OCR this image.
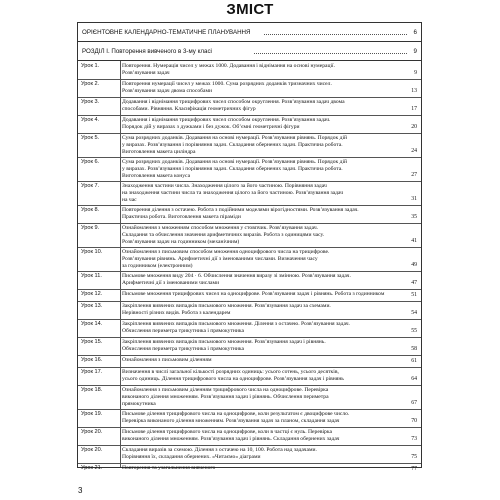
ЗМІСТ
ОРІЄНТОВНЕ КАЛЕНДАРНО-ТЕМАТИЧНЕ ПЛАНУВАННЯ	6
РОЗДІЛ І. Повторення вивченого в 3-му класі	9
Урок 1.	Повторення. Нумерація чисел у межах 1000. Додавання і віднімання на основі нумерації.
Розв’язування задач	9
Урок 2.	Повторення нумерації чисел у межах 1000. Сума розрядних доданків тризначних чисел.
Розв’язування задач двома способами	13
Урок 3.	Додавання і віднімання трицифрових чисел способом округлення. Розв’язування задач двома
способами. Рівняння. Класифікація геометричних фігур	17
Урок 4.	Додавання і віднімання трицифрових чисел способом округлення. Розв’язування задач.
Порядок дій у виразах з дужками і без дужок. Об’ємні геометричні фігури	20
Урок 5.	Сума розрядних доданків. Додавання на основі нумерації. Розв’язування рівнянь. Порядок дій
у виразах. Розв’язування і порівняння задач. Складання обернених задач. Практична робота.
Виготовлення макета циліндра	24
Урок 6.	Сума розрядних доданків. Додавання на основі нумерації. Розв’язування рівнянь. Порядок дій
у виразах. Розв’язування і порівняння задач. Складання обернених задач. Практична робота.
Виготовлення макета конуса	27
Урок 7.	Знаходження частини числа. Знаходження цілого за його частиною. Порівняння задач
на знаходження частини числа та знаходження цілого за його частиною. Розв’язування задач
на час	31
Урок 8.	Повторення ділення з остачею. Робота з подійними моделями вірогідностями. Розв’язування задач.
Практична робота. Виготовлення макета піраміди	35
Урок 9.	Ознайомлення з множенням способом множення у стовпчик. Розв’язування задач.
Складання та обчислення значення арифметичних виразів. Робота з одиницями часу.
Розв’язування задач на годинником (механічним)	41
Урок 10.	Ознайомлення з письмовим способом множення одноцифрового числа на трицифрове.
Розв’язування рівнянь. Арифметичні дії з іменованими числами. Визначення часу
за годинником (електронним)	49
Урок 11.	Письмове множення виду 204 · 6. Обчислення значення виразу зі змінною. Розв’язування задач.
Арифметичні дії з іменованими числами	47
Урок 12.	Письмове множення трицифрових чисел на одноцифрове. Розв’язування задач і рівнянь. Робота з годинником	51
Урок 13.	Закріплення вивчених випадків письмового множення. Розв’язування задач за схемами.
Нерівності різних видів. Робота з календарем	54
Урок 14.	Закріплення вивчених випадків письмового множення. Ділення з остачею. Розв’язування задач.
Обчислення периметра трикутника і прямокутника	55
Урок 15.	Закріплення вивчених випадків письмового множення. Розв’язування задач і рівнянь.
Обчислення периметра трикутника і прямокутника	58
Урок 16.	Ознайомлення з письмовим діленням	61
Урок 17.	Визначення в числі загальної кількості розрядних одиниць: усього сотень, усього десятків,
усього одиниць. Ділення трицифрового числа на одноцифрове. Розв’язування задач і рівнянь	64
Урок 18.	Ознайомлення з письмовим діленням трицифрового числа на одноцифрове. Перевірка
виконаного ділення множенням. Розв’язування задач і рівнянь. Обчислення периметра
прямокутника	67
Урок 19.	Письмове ділення трицифрового числа на одноцифрове, коли результатом є двоцифрове число.
Перевірка виконаного ділення множенням. Розв’язування задач за планом, складання задач	70
Урок 20.	Письмове ділення трицифрового числа на одноцифрове, коли в частці є нуль. Перевірка
виконаного ділення множенням. Розв’язування задач і рівнянь. Складання обернених задач	73
Урок 20.	Складання виразів за схемою. Ділення з остачею на 10, 100. Робота над задачами.
Порівняння їх, складання обернених. «Читаємо» діаграми	75
Урок 21.	Повторення та узагальнення вивченого	77
3
